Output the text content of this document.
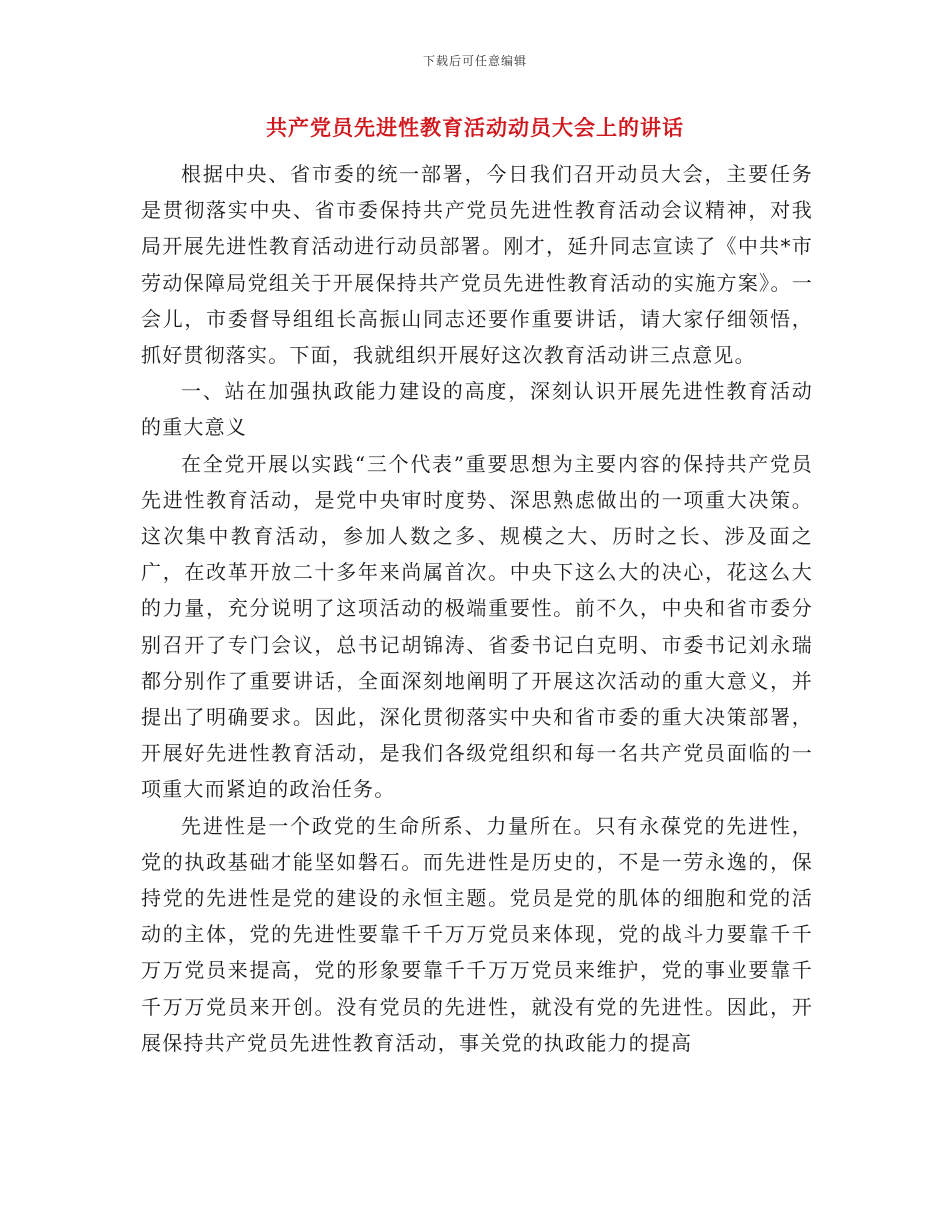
下载后可任意编辑
共产党员先进性教育活动动员大会上的讲话

根据中央、省市委的统一部署，今日我们召开动员大会，主要任务是贯彻落实中央、省市委保持共产党员先进性教育活动会议精神，对我局开展先进性教育活动进行动员部署。刚才，延升同志宣读了《中共*市劳动保障局党组关于开展保持共产党员先进性教育活动的实施方案》。一会儿，市委督导组组长高振山同志还要作重要讲话，请大家仔细领悟，抓好贯彻落实。下面，我就组织开展好这次教育活动讲三点意见。

一、站在加强执政能力建设的高度，深刻认识开展先进性教育活动的重大意义

在全党开展以实践“三个代表”重要思想为主要内容的保持共产党员先进性教育活动，是党中央审时度势、深思熟虑做出的一项重大决策。这次集中教育活动，参加人数之多、规模之大、历时之长、涉及面之广，在改革开放二十多年来尚属首次。中央下这么大的决心，花这么大的力量，充分说明了这项活动的极端重要性。前不久，中央和省市委分别召开了专门会议，总书记胡锦涛、省委书记白克明、市委书记刘永瑞都分别作了重要讲话，全面深刻地阐明了开展这次活动的重大意义，并提出了明确要求。因此，深化贯彻落实中央和省市委的重大决策部署，开展好先进性教育活动，是我们各级党组织和每一名共产党员面临的一项重大而紧迫的政治任务。

先进性是一个政党的生命所系、力量所在。只有永葆党的先进性，党的执政基础才能坚如磐石。而先进性是历史的，不是一劳永逸的，保持党的先进性是党的建设的永恒主题。党员是党的肌体的细胞和党的活动的主体，党的先进性要靠千千万万党员来体现，党的战斗力要靠千千万万党员来提高，党的形象要靠千千万万党员来维护，党的事业要靠千千万万党员来开创。没有党员的先进性，就没有党的先进性。因此，开展保持共产党员先进性教育活动，事关党的执政能力的提高
